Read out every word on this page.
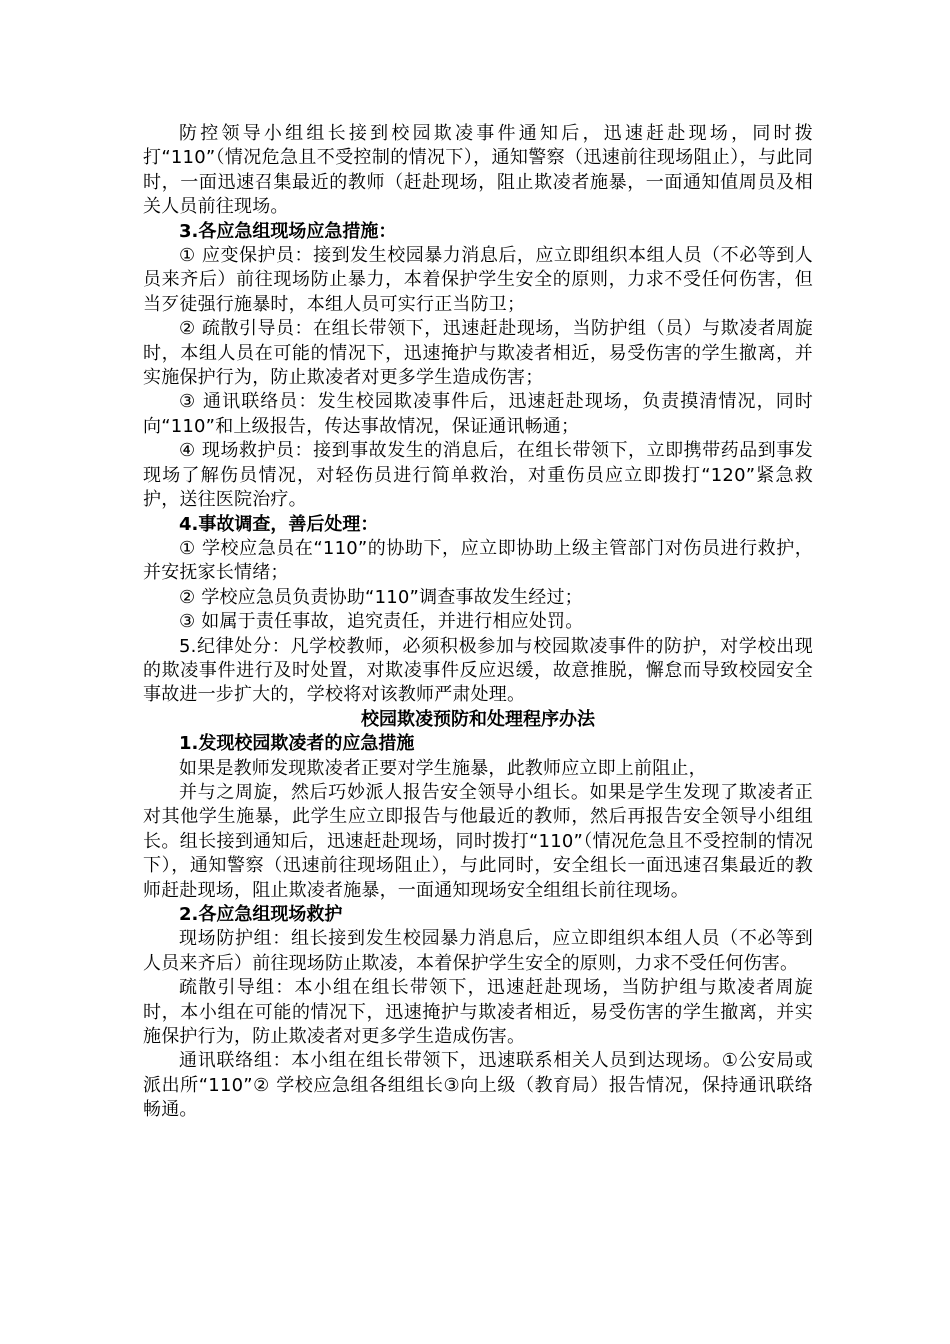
防控领导小组组长接到校园欺凌事件通知后，迅速赶赴现场，同时拨打“110”（情况危急且不受控制的情况下），通知警察（迅速前往现场阻止），与此同时，一面迅速召集最近的教师（赶赴现场，阻止欺凌者施暴，一面通知值周员及相关人员前往现场。

3.各应急组现场应急措施：

① 应变保护员：接到发生校园暴力消息后，应立即组织本组人员（不必等到人员来齐后）前往现场防止暴力，本着保护学生安全的原则，力求不受任何伤害，但当歹徒强行施暴时，本组人员可实行正当防卫；

② 疏散引导员：在组长带领下，迅速赶赴现场，当防护组（员）与欺凌者周旋时，本组人员在可能的情况下，迅速掩护与欺凌者相近，易受伤害的学生撤离，并实施保护行为，防止欺凌者对更多学生造成伤害；

③ 通讯联络员：发生校园欺凌事件后，迅速赶赴现场，负责摸清情况，同时向“110”和上级报告，传达事故情况，保证通讯畅通；

④ 现场救护员：接到事故发生的消息后，在组长带领下，立即携带药品到事发现场了解伤员情况，对轻伤员进行简单救治，对重伤员应立即拨打“120”紧急救护，送往医院治疗。

4.事故调查，善后处理：

① 学校应急员在“110”的协助下，应立即协助上级主管部门对伤员进行救护，并安抚家长情绪；

② 学校应急员负责协助“110”调查事故发生经过；

③ 如属于责任事故，追究责任，并进行相应处罚。

5.纪律处分：凡学校教师，必须积极参加与校园欺凌事件的防护，对学校出现的欺凌事件进行及时处置，对欺凌事件反应迟缓，故意推脱，懈怠而导致校园安全事故进一步扩大的，学校将对该教师严肃处理。

校园欺凌预防和处理程序办法

1.发现校园欺凌者的应急措施

如果是教师发现欺凌者正要对学生施暴，此教师应立即上前阻止，

并与之周旋，然后巧妙派人报告安全领导小组长。如果是学生发现了欺凌者正对其他学生施暴，此学生应立即报告与他最近的教师，然后再报告安全领导小组组长。组长接到通知后，迅速赶赴现场，同时拨打“110”（情况危急且不受控制的情况下），通知警察（迅速前往现场阻止），与此同时，安全组长一面迅速召集最近的教师赶赴现场，阻止欺凌者施暴，一面通知现场安全组组长前往现场。

2.各应急组现场救护

现场防护组：组长接到发生校园暴力消息后，应立即组织本组人员（不必等到人员来齐后）前往现场防止欺凌，本着保护学生安全的原则，力求不受任何伤害。

疏散引导组：本小组在组长带领下，迅速赶赴现场，当防护组与欺凌者周旋时，本小组在可能的情况下，迅速掩护与欺凌者相近，易受伤害的学生撤离，并实施保护行为，防止欺凌者对更多学生造成伤害。

通讯联络组：本小组在组长带领下，迅速联系相关人员到达现场。①公安局或派出所“110”② 学校应急组各组组长③向上级（教育局）报告情况，保持通讯联络畅通。
